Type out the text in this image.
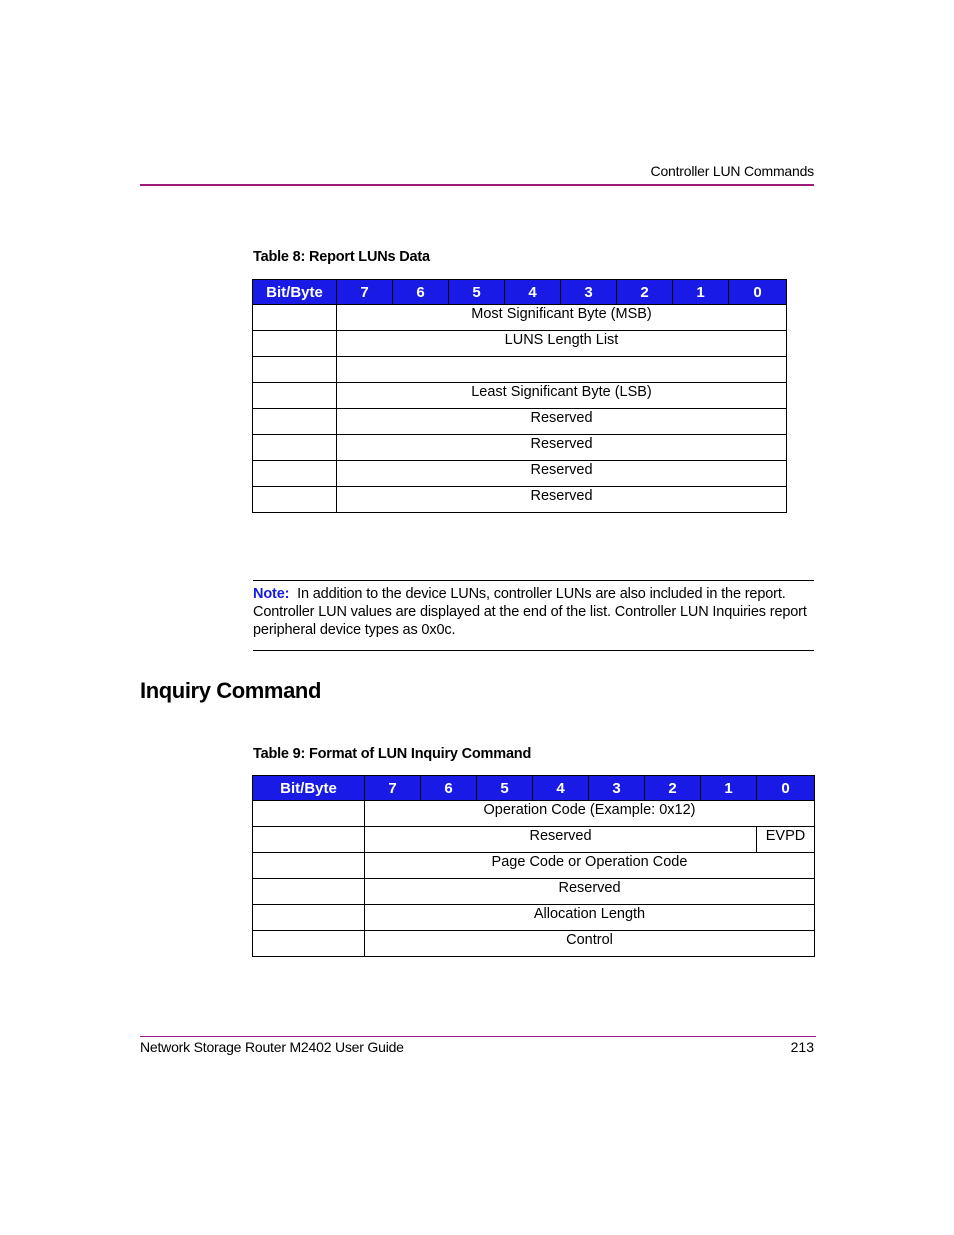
Controller LUN Commands
Table 8: Report LUNs Data
Bit/Byte	7	6	5	4	3	2	1	0
	Most Significant Byte (MSB)							
	LUNS Length List							

	Least Significant Byte (LSB)							
	Reserved							
	Reserved							
	Reserved							
	Reserved							
Note: In addition to the device LUNs, controller LUNs are also included in the report. Controller LUN values are displayed at the end of the list. Controller LUN Inquiries report peripheral device types as 0x0c.
Inquiry Command
Table 9: Format of LUN Inquiry Command
Bit/Byte	7	6	5	4	3	2	1	0
	Operation Code (Example: 0x12)							
	Reserved							EVPD
	Page Code or Operation Code							
	Reserved							
	Allocation Length							
	Control							
Network Storage Router M2402 User Guide	213
